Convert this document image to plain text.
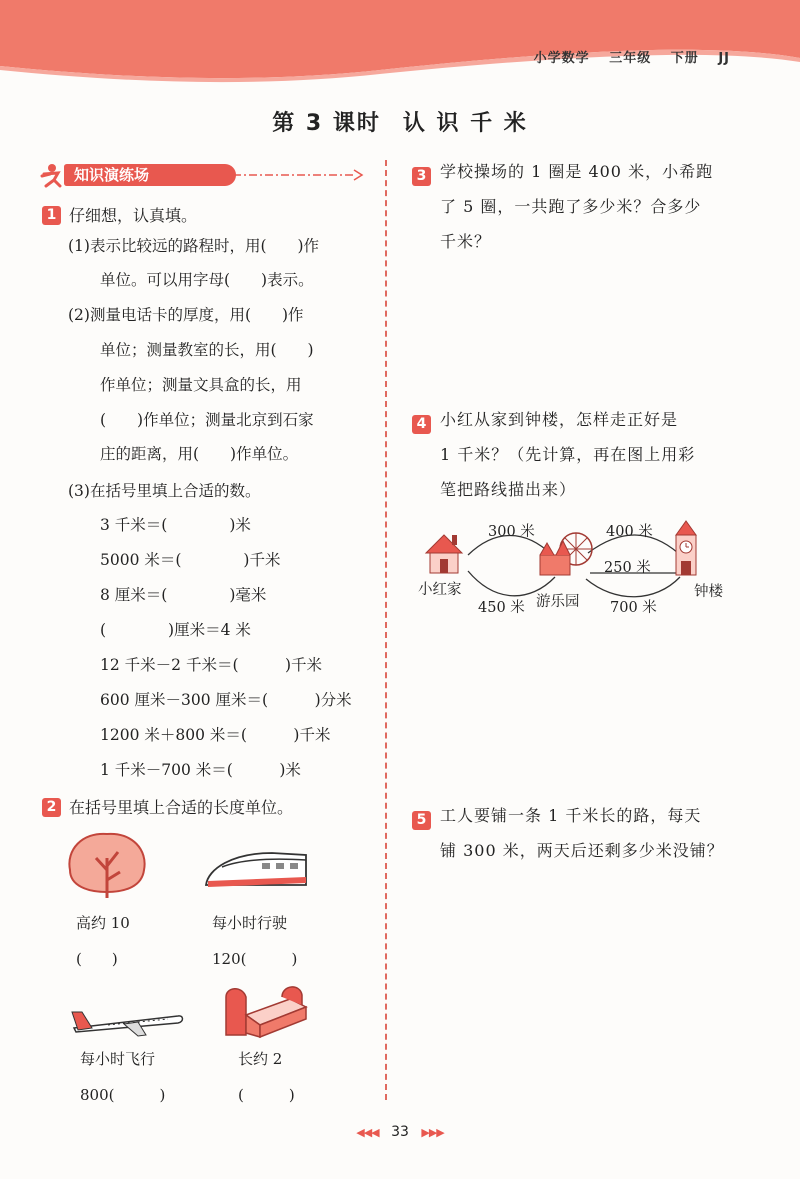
小学数学 三年级 下册 JJ
第 3 课时 认 识 千 米
知识演练场
1 仔细想，认真填。
(1)表示比较远的路程时，用(　　)作
单位。可以用字母(　　)表示。
(2)测量电话卡的厚度，用(　　)作
单位；测量教室的长，用(　　)
作单位；测量文具盒的长，用
(　　)作单位；测量北京到石家
庄的距离，用(　　)作单位。
(3)在括号里填上合适的数。
3 千米＝(　　　　)米
5000 米＝(　　　　)千米
8 厘米＝(　　　　)毫米
(　　　　)厘米＝4 米
12 千米－2 千米＝(　　　)千米
600 厘米－300 厘米＝(　　　)分米
1200 米＋800 米＝(　　　)千米
1 千米－700 米＝(　　　)米
2 在括号里填上合适的长度单位。
高约 10
(　　)
每小时行驶
120(　　　)
每小时飞行
800(　　　)
长约 2
(　　　)
3 学校操场的 1 圈是 400 米，小希跑
了 5 圈，一共跑了多少米？合多少
千米？
4 小红从家到钟楼，怎样走正好是
1 千米？（先计算，再在图上用彩
笔把路线描出来）
300 米	400 米
250 米
小红家	钟楼
450 米 游乐园 700 米
5 工人要铺一条 1 千米长的路，每天
铺 300 米，两天后还剩多少米没铺？
◀◀◀ 33 ▶▶▶
